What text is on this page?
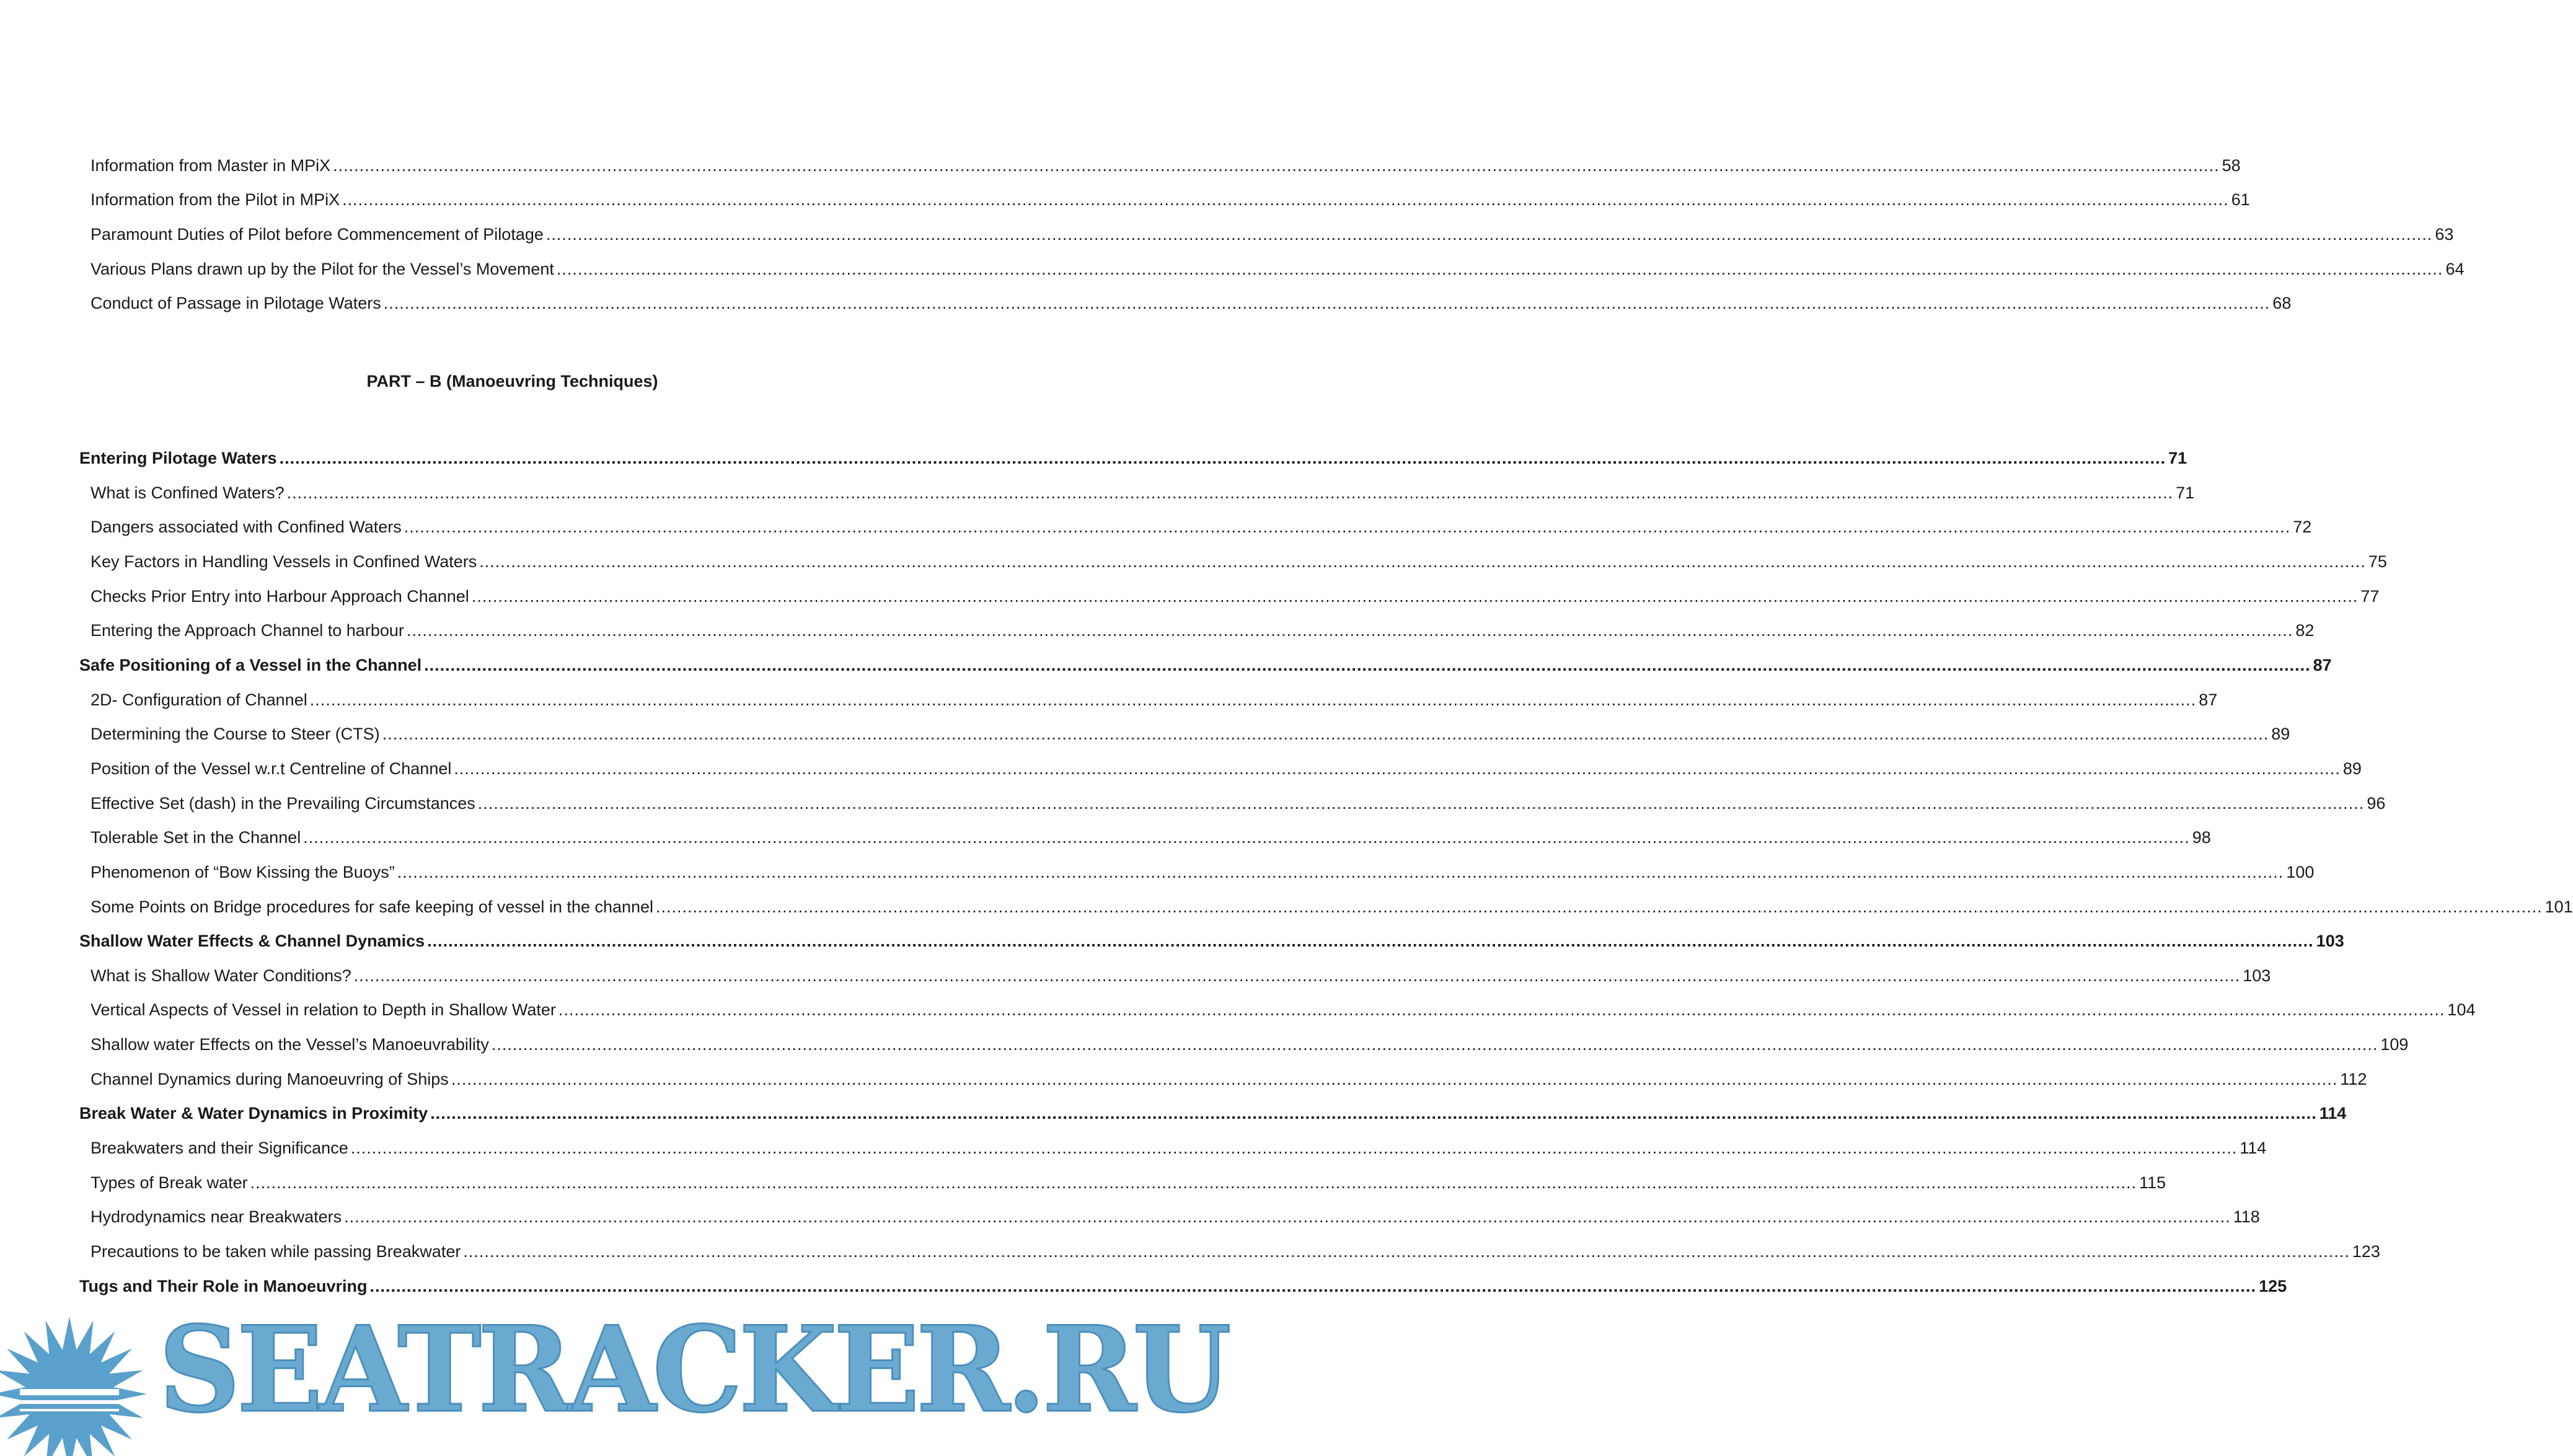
Information from Master in MPiX .....	58
Information from the Pilot in MPiX .....	61
Paramount Duties of Pilot before Commencement of Pilotage .....	63
Various Plans drawn up by the Pilot for the Vessel’s Movement .....	64
Conduct of Passage in Pilotage Waters .....	68
PART – B (Manoeuvring Techniques)
Entering Pilotage Waters .....	71
What is Confined Waters? .....	71
Dangers associated with Confined Waters .....	72
Key Factors in Handling Vessels in Confined Waters .....	75
Checks Prior Entry into Harbour Approach Channel .....	77
Entering the Approach Channel to harbour .....	82
Safe Positioning of a Vessel in the Channel .....	87
2D- Configuration of Channel .....	87
Determining the Course to Steer (CTS) .....	89
Position of the Vessel w.r.t Centreline of Channel .....	89
Effective Set (dash) in the Prevailing Circumstances .....	96
Tolerable Set in the Channel .....	98
Phenomenon of “Bow Kissing the Buoys” .....	100
Some Points on Bridge procedures for safe keeping of vessel in the channel .....	101
Shallow Water Effects & Channel Dynamics .....	103
What is Shallow Water Conditions? .....	103
Vertical Aspects of Vessel in relation to Depth in Shallow Water .....	104
Shallow water Effects on the Vessel’s Manoeuvrability .....	109
Channel Dynamics during Manoeuvring of Ships .....	112
Break Water & Water Dynamics in Proximity .....	114
Breakwaters and their Significance .....	114
Types of Break water .....	115
Hydrodynamics near Breakwaters .....	118
Precautions to be taken while passing Breakwater .....	123
Tugs and Their Role in Manoeuvring .....	125
SEATRACKER.RU
